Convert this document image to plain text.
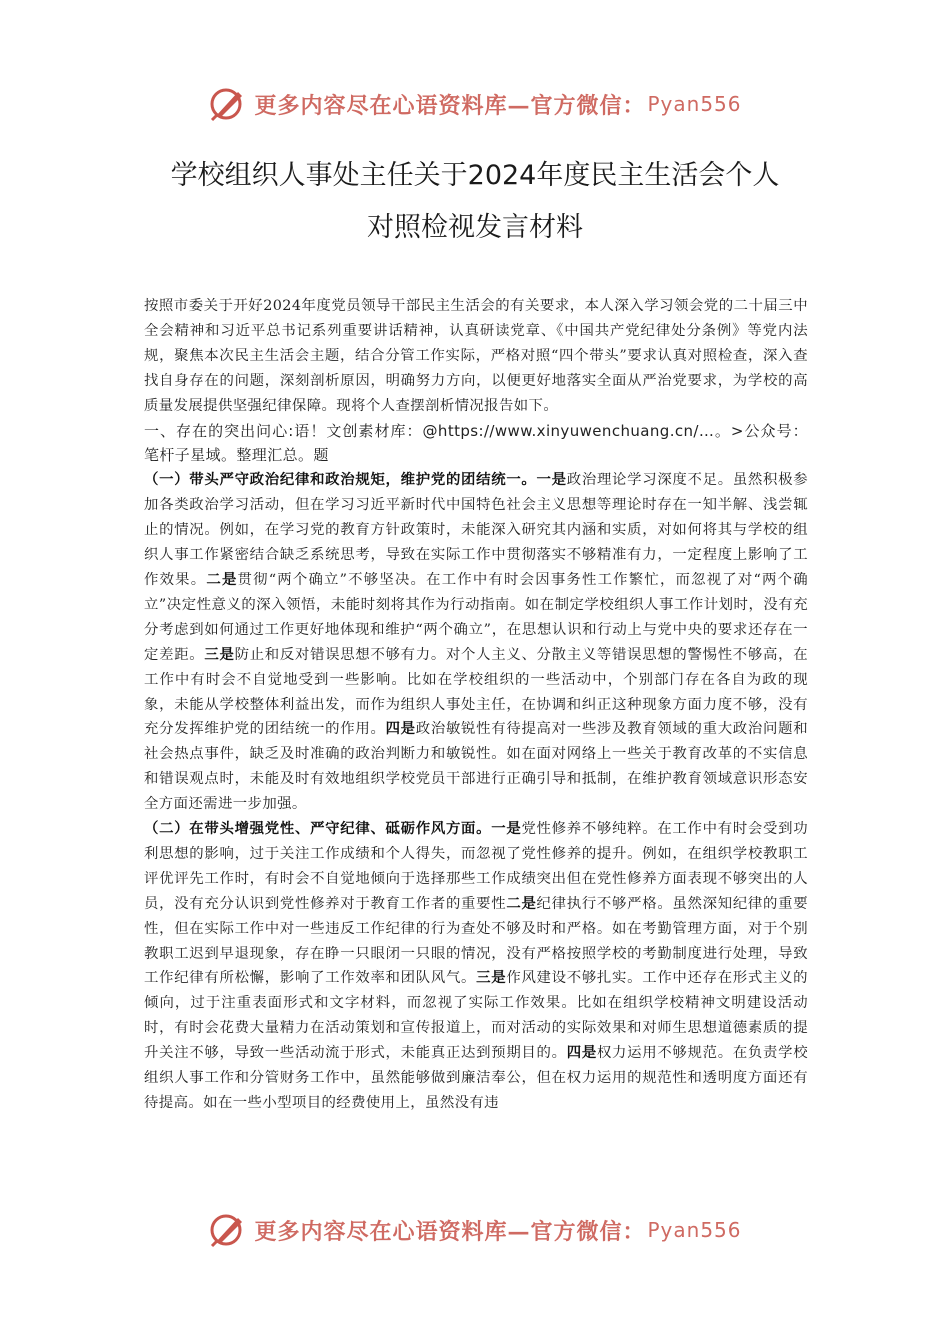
更多内容尽在心语资料库—官方微信： Pyan556
学校组织人事处主任关于2024年度民主生活会个人
对照检视发言材料

按照市委关于开好2024年度党员领导干部民主生活会的有关要求，本人深入学习领会党的二十届三中全会精神和习近平总书记系列重要讲话精神，认真研读党章、《中国共产党纪律处分条例》等党内法规，聚焦本次民主生活会主题，结合分管工作实际，严格对照“四个带头”要求认真对照检查，深入查找自身存在的问题，深刻剖析原因，明确努力方向，以便更好地落实全面从严治党要求，为学校的高质量发展提供坚强纪律保障。现将个人查摆剖析情况报告如下。

一、存在的突出问心:语！文创素材库：@https://www.xinyuwenchuang.cn/…。>公众号：笔杆子星域。整理汇总。题

（一）带头严守政治纪律和政治规矩，维护党的团结统一。一是政治理论学习深度不足。虽然积极参加各类政治学习活动，但在学习习近平新时代中国特色社会主义思想等理论时存在一知半解、浅尝辄止的情况。例如，在学习党的教育方针政策时，未能深入研究其内涵和实质，对如何将其与学校的组织人事工作紧密结合缺乏系统思考，导致在实际工作中贯彻落实不够精准有力，一定程度上影响了工作效果。二是贯彻“两个确立”不够坚决。在工作中有时会因事务性工作繁忙，而忽视了对“两个确立”决定性意义的深入领悟，未能时刻将其作为行动指南。如在制定学校组织人事工作计划时，没有充分考虑到如何通过工作更好地体现和维护“两个确立”，在思想认识和行动上与党中央的要求还存在一定差距。三是防止和反对错误思想不够有力。对个人主义、分散主义等错误思想的警惕性不够高，在工作中有时会不自觉地受到一些影响。比如在学校组织的一些活动中，个别部门存在各自为政的现象，未能从学校整体利益出发，而作为组织人事处主任，在协调和纠正这种现象方面力度不够，没有充分发挥维护党的团结统一的作用。四是政治敏锐性有待提高对一些涉及教育领域的重大政治问题和社会热点事件，缺乏及时准确的政治判断力和敏锐性。如在面对网络上一些关于教育改革的不实信息和错误观点时，未能及时有效地组织学校党员干部进行正确引导和抵制，在维护教育领域意识形态安全方面还需进一步加强。

（二）在带头增强党性、严守纪律、砥砺作风方面。一是党性修养不够纯粹。在工作中有时会受到功利思想的影响，过于关注工作成绩和个人得失，而忽视了党性修养的提升。例如，在组织学校教职工评优评先工作时，有时会不自觉地倾向于选择那些工作成绩突出但在党性修养方面表现不够突出的人员，没有充分认识到党性修养对于教育工作者的重要性二是纪律执行不够严格。虽然深知纪律的重要性，但在实际工作中对一些违反工作纪律的行为查处不够及时和严格。如在考勤管理方面，对于个别教职工迟到早退现象，存在睁一只眼闭一只眼的情况，没有严格按照学校的考勤制度进行处理，导致工作纪律有所松懈，影响了工作效率和团队风气。三是作风建设不够扎实。工作中还存在形式主义的倾向，过于注重表面形式和文字材料，而忽视了实际工作效果。比如在组织学校精神文明建设活动时，有时会花费大量精力在活动策划和宣传报道上，而对活动的实际效果和对师生思想道德素质的提升关注不够，导致一些活动流于形式，未能真正达到预期目的。四是权力运用不够规范。在负责学校组织人事工作和分管财务工作中，虽然能够做到廉洁奉公，但在权力运用的规范性和透明度方面还有待提高。如在一些小型项目的经费使用上，虽然没有违

更多内容尽在心语资料库—官方微信： Pyan556
